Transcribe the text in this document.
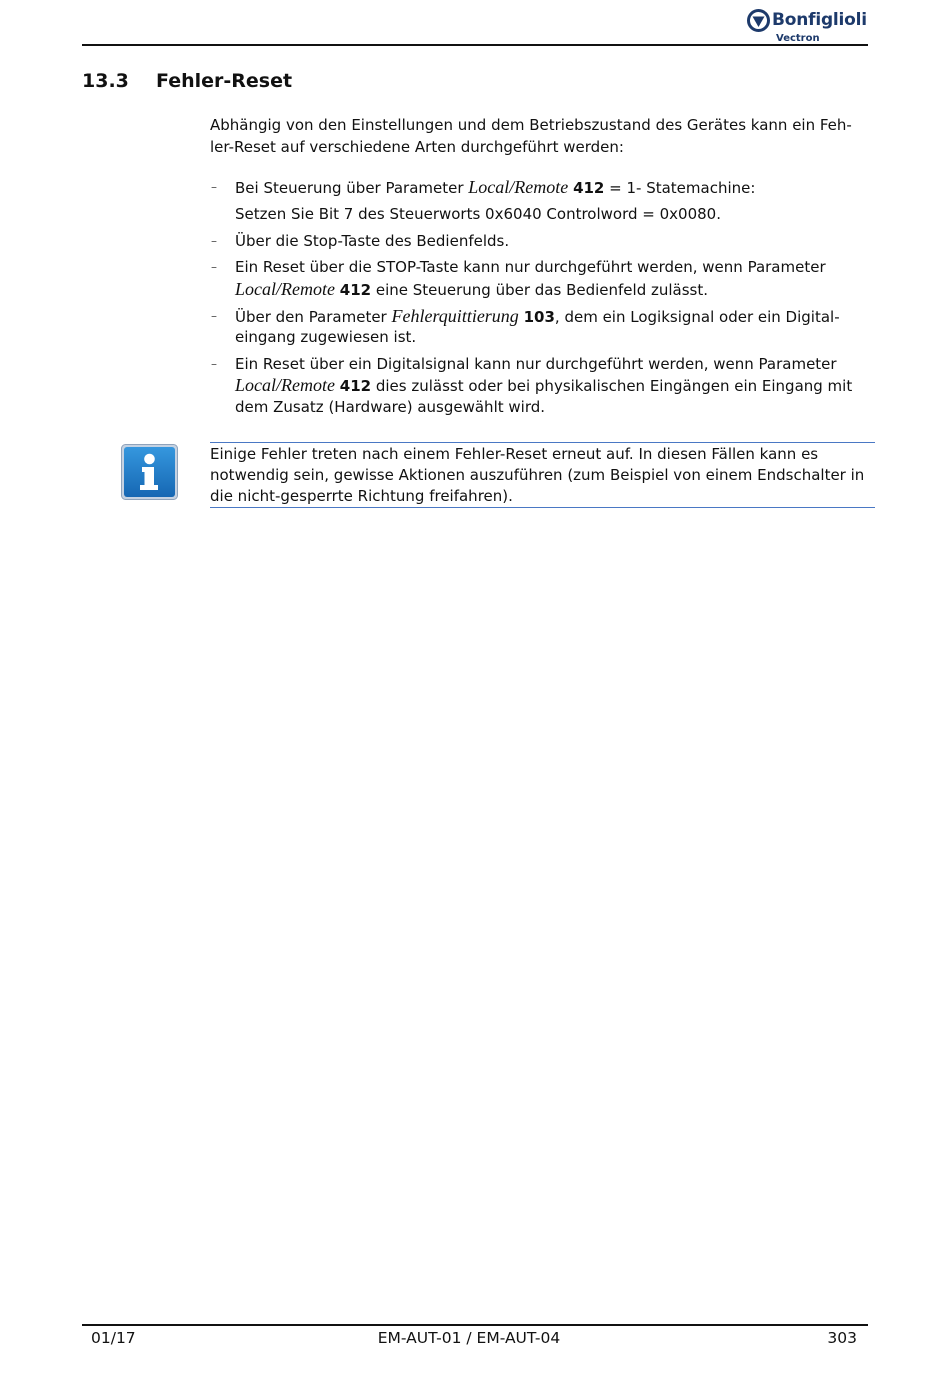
Bonfiglioli
Vectron
13.3 Fehler-Reset
Abhängig von den Einstellungen und dem Betriebszustand des Gerätes kann ein Feh-
ler-Reset auf verschiedene Arten durchgeführt werden:
– Bei Steuerung über Parameter Local/Remote 412 = 1- Statemachine:
Setzen Sie Bit 7 des Steuerworts 0x6040 Controlword = 0x0080.
– Über die Stop-Taste des Bedienfelds.
– Ein Reset über die STOP-Taste kann nur durchgeführt werden, wenn Parameter
Local/Remote 412 eine Steuerung über das Bedienfeld zulässt.
– Über den Parameter Fehlerquittierung 103, dem ein Logiksignal oder ein Digital-
eingang zugewiesen ist.
– Ein Reset über ein Digitalsignal kann nur durchgeführt werden, wenn Parameter
Local/Remote 412 dies zulässt oder bei physikalischen Eingängen ein Eingang mit
dem Zusatz (Hardware) ausgewählt wird.
Einige Fehler treten nach einem Fehler-Reset erneut auf. In diesen Fällen kann es
notwendig sein, gewisse Aktionen auszuführen (zum Beispiel von einem Endschalter in
die nicht-gesperrte Richtung freifahren).
01/17	EM-AUT-01 / EM-AUT-04	303
